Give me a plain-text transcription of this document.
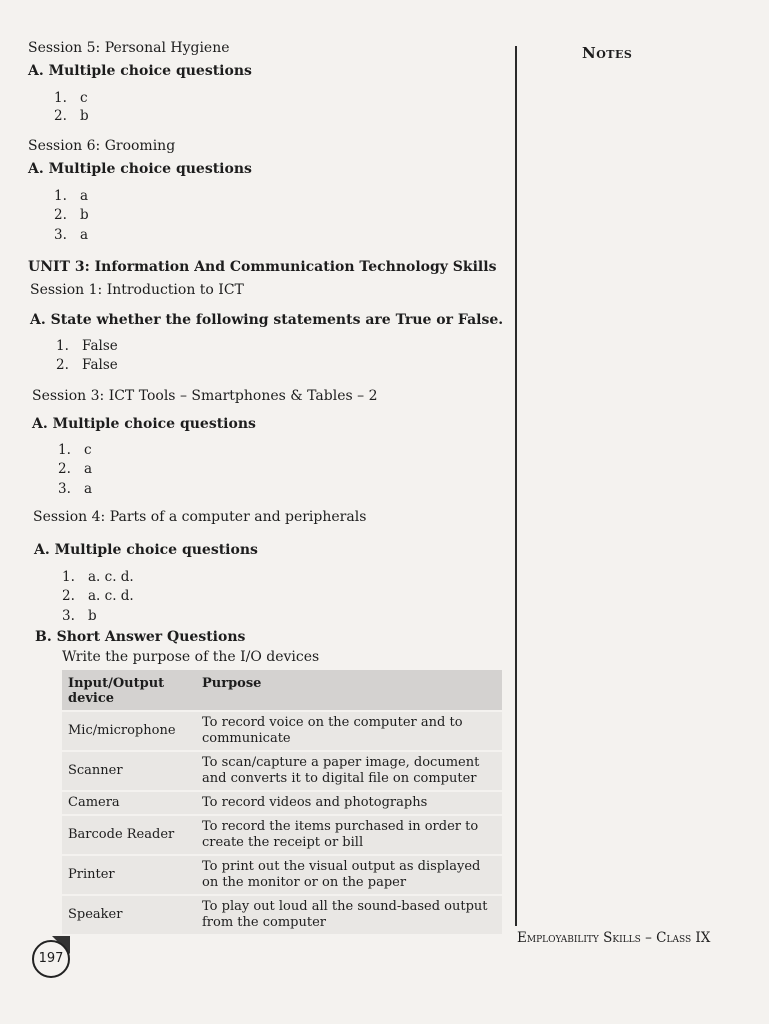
Session 5: Personal Hygiene
A. Multiple choice questions
1. c
2. b
Session 6: Grooming
A. Multiple choice questions
1. a
2. b
3. a
UNIT 3: Information And Communication Technology Skills
Session 1: Introduction to ICT
A. State whether the following statements are True or False.
1. False
2. False
Session 3: ICT Tools – Smartphones & Tables – 2
A. Multiple choice questions
1. c
2. a
3. a
Session 4: Parts of a computer and peripherals
A. Multiple choice questions
1. a. c. d.
2. a. c. d.
3. b
B. Short Answer Questions
Write the purpose of the I/O devices
Input/Output device	Purpose
Mic/microphone	To record voice on the computer and to communicate
Scanner	To scan/capture a paper image, document and converts it to digital file on computer
Camera	To record videos and photographs
Barcode Reader	To record the items purchased in order to create the receipt or bill
Printer	To print out the visual output as displayed on the monitor or on the paper
Speaker	To play out loud all the sound-based output from the computer
Notes
Employability Skills – Class IX
197
